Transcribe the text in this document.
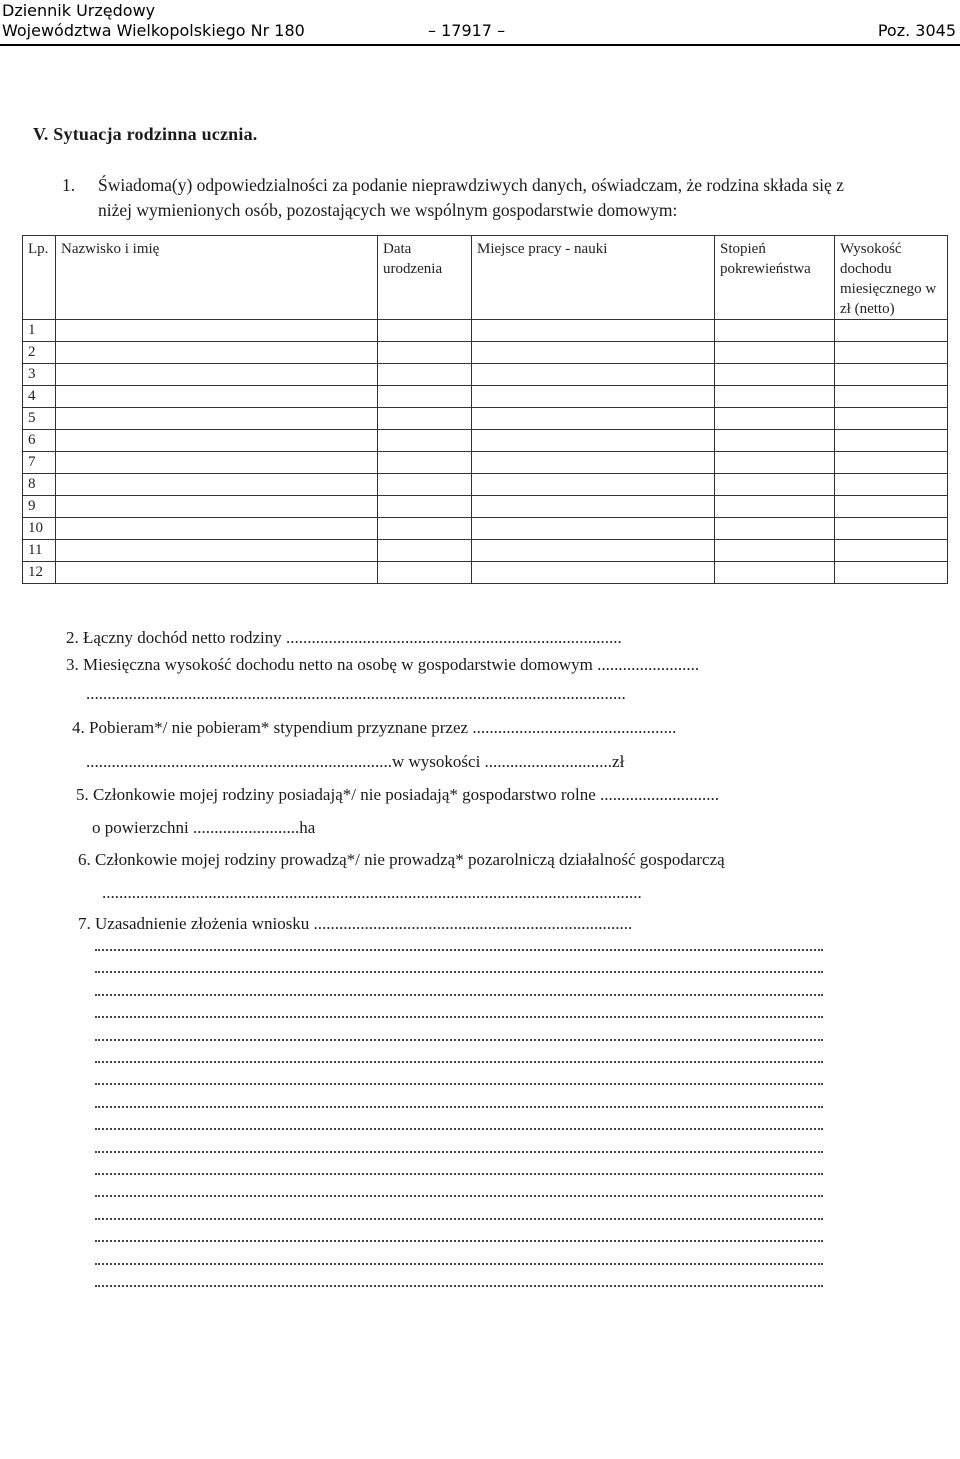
Dziennik Urzędowy
Województwa Wielkopolskiego Nr 180	– 17917 –	Poz. 3045
V. Sytuacja rodzinna ucznia.
1. Świadoma(y) odpowiedzialności za podanie nieprawdziwych danych, oświadczam, że rodzina składa się z
niżej wymienionych osób, pozostających we wspólnym gospodarstwie domowym:
Lp.	Nazwisko i imię	Data urodzenia	Miejsce pracy - nauki	Stopień pokrewieństwa	Wysokość dochodu miesięcznego w zł (netto)
1					
2					
3					
4					
5					
6					
7					
8					
9					
10					
11					
12					
2. Łączny dochód netto rodziny ...............................................................................
3. Miesięczna wysokość dochodu netto na osobę w gospodarstwie domowym ........................
...............................................................................................................................
4. Pobieram*/ nie pobieram* stypendium przyznane przez ................................................
........................................................................w wysokości ..............................zł
5. Członkowie mojej rodziny posiadają*/ nie posiadają* gospodarstwo rolne ............................
o powierzchni .........................ha
6. Członkowie mojej rodziny prowadzą*/ nie prowadzą* pozarolniczą działalność gospodarczą
...............................................................................................................................
7. Uzasadnienie złożenia wniosku ...........................................................................
